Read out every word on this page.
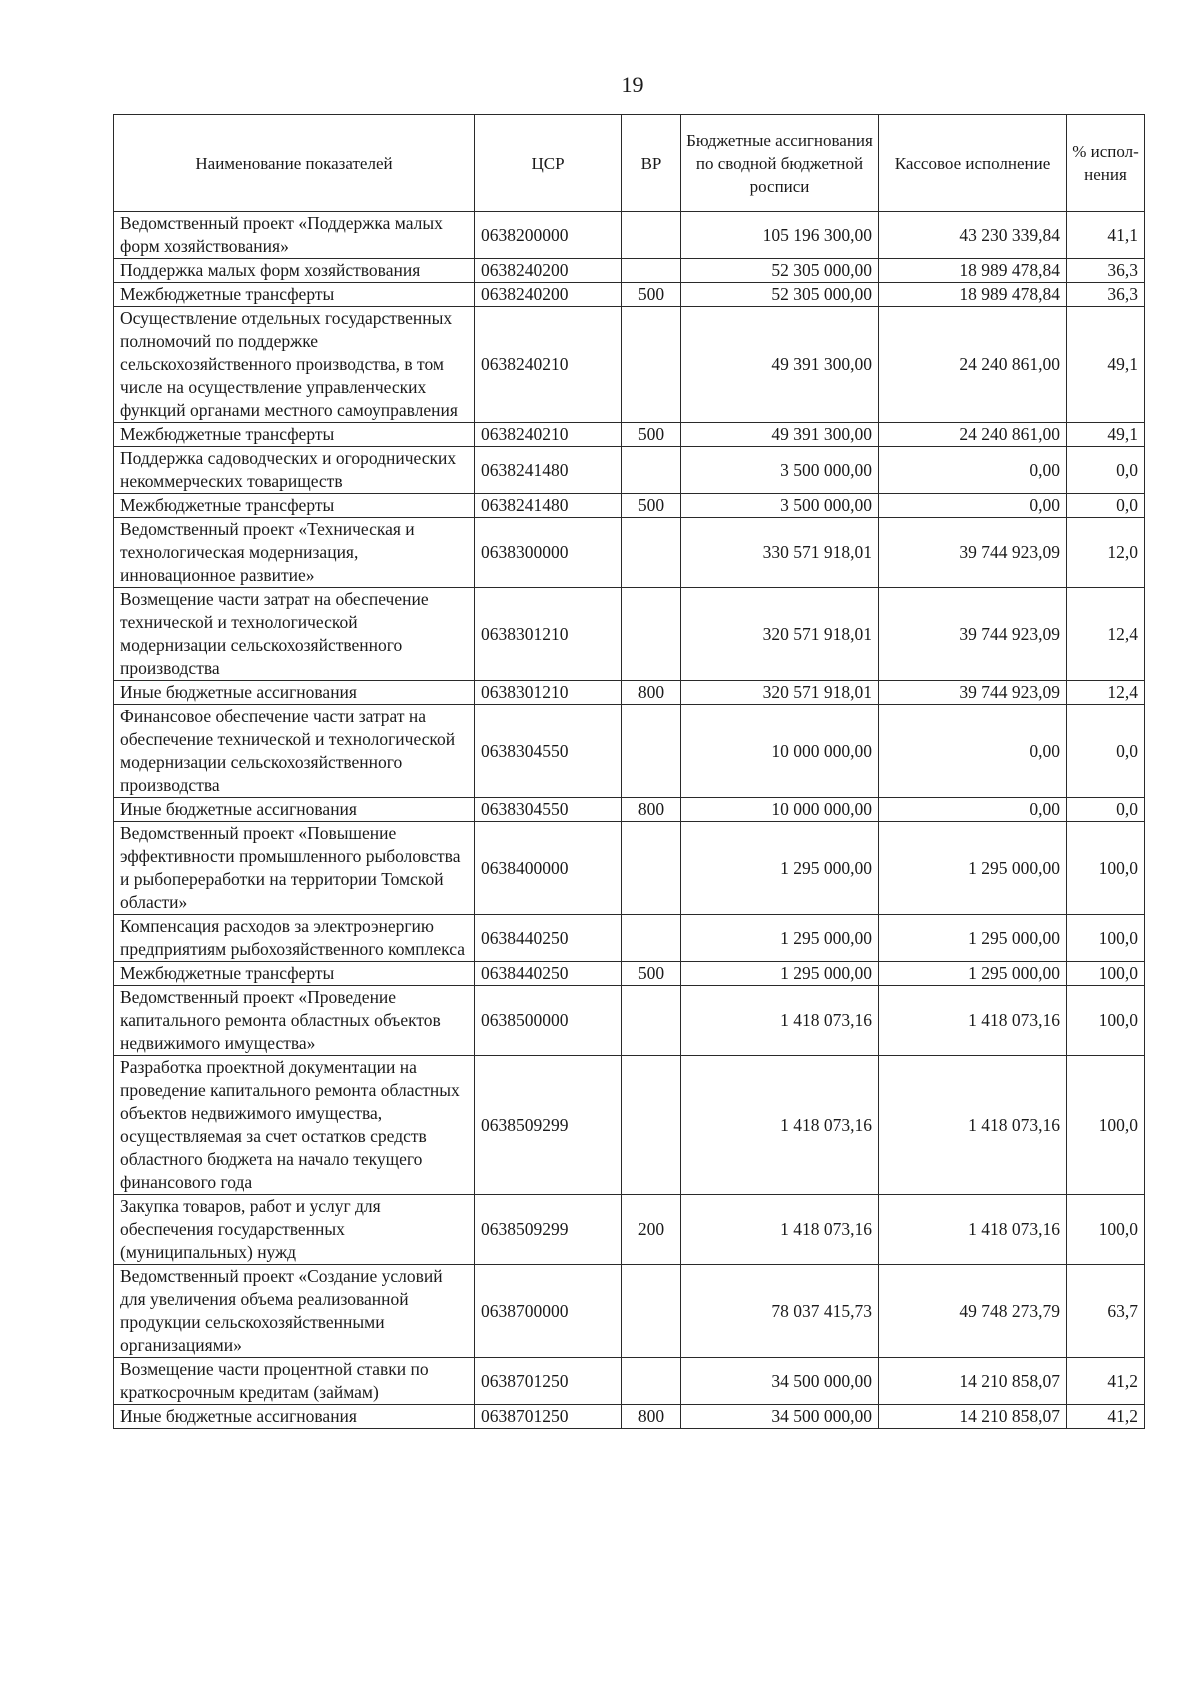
19
Наименование показателей	ЦСР	ВР	Бюджетные ассигнования по сводной бюджетной росписи	Кассовое исполнение	% испол-нения
Ведомственный проект «Поддержка малых форм хозяйствования»	0638200000		105 196 300,00	43 230 339,84	41,1
Поддержка малых форм хозяйствования	0638240200		52 305 000,00	18 989 478,84	36,3
Межбюджетные трансферты	0638240200	500	52 305 000,00	18 989 478,84	36,3
Осуществление отдельных государственных полномочий по поддержке сельскохозяйственного производства, в том числе на осуществление управленческих функций органами местного самоуправления	0638240210		49 391 300,00	24 240 861,00	49,1
Межбюджетные трансферты	0638240210	500	49 391 300,00	24 240 861,00	49,1
Поддержка садоводческих и огороднических некоммерческих товариществ	0638241480		3 500 000,00	0,00	0,0
Межбюджетные трансферты	0638241480	500	3 500 000,00	0,00	0,0
Ведомственный проект «Техническая и технологическая модернизация, инновационное развитие»	0638300000		330 571 918,01	39 744 923,09	12,0
Возмещение части затрат на обеспечение технической и технологической модернизации сельскохозяйственного производства	0638301210		320 571 918,01	39 744 923,09	12,4
Иные бюджетные ассигнования	0638301210	800	320 571 918,01	39 744 923,09	12,4
Финансовое обеспечение части затрат на обеспечение технической и технологической модернизации сельскохозяйственного производства	0638304550		10 000 000,00	0,00	0,0
Иные бюджетные ассигнования	0638304550	800	10 000 000,00	0,00	0,0
Ведомственный проект «Повышение эффективности промышленного рыболовства и рыбопереработки на территории Томской области»	0638400000		1 295 000,00	1 295 000,00	100,0
Компенсация расходов за электроэнергию предприятиям рыбохозяйственного комплекса	0638440250		1 295 000,00	1 295 000,00	100,0
Межбюджетные трансферты	0638440250	500	1 295 000,00	1 295 000,00	100,0
Ведомственный проект «Проведение капитального ремонта областных объектов недвижимого имущества»	0638500000		1 418 073,16	1 418 073,16	100,0
Разработка проектной документации на проведение капитального ремонта областных объектов недвижимого имущества, осуществляемая за счет остатков средств областного бюджета на начало текущего финансового года	0638509299		1 418 073,16	1 418 073,16	100,0
Закупка товаров, работ и услуг для обеспечения государственных (муниципальных) нужд	0638509299	200	1 418 073,16	1 418 073,16	100,0
Ведомственный проект «Создание условий для увеличения объема реализованной продукции сельскохозяйственными организациями»	0638700000		78 037 415,73	49 748 273,79	63,7
Возмещение части процентной ставки по краткосрочным кредитам (займам)	0638701250		34 500 000,00	14 210 858,07	41,2
Иные бюджетные ассигнования	0638701250	800	34 500 000,00	14 210 858,07	41,2
